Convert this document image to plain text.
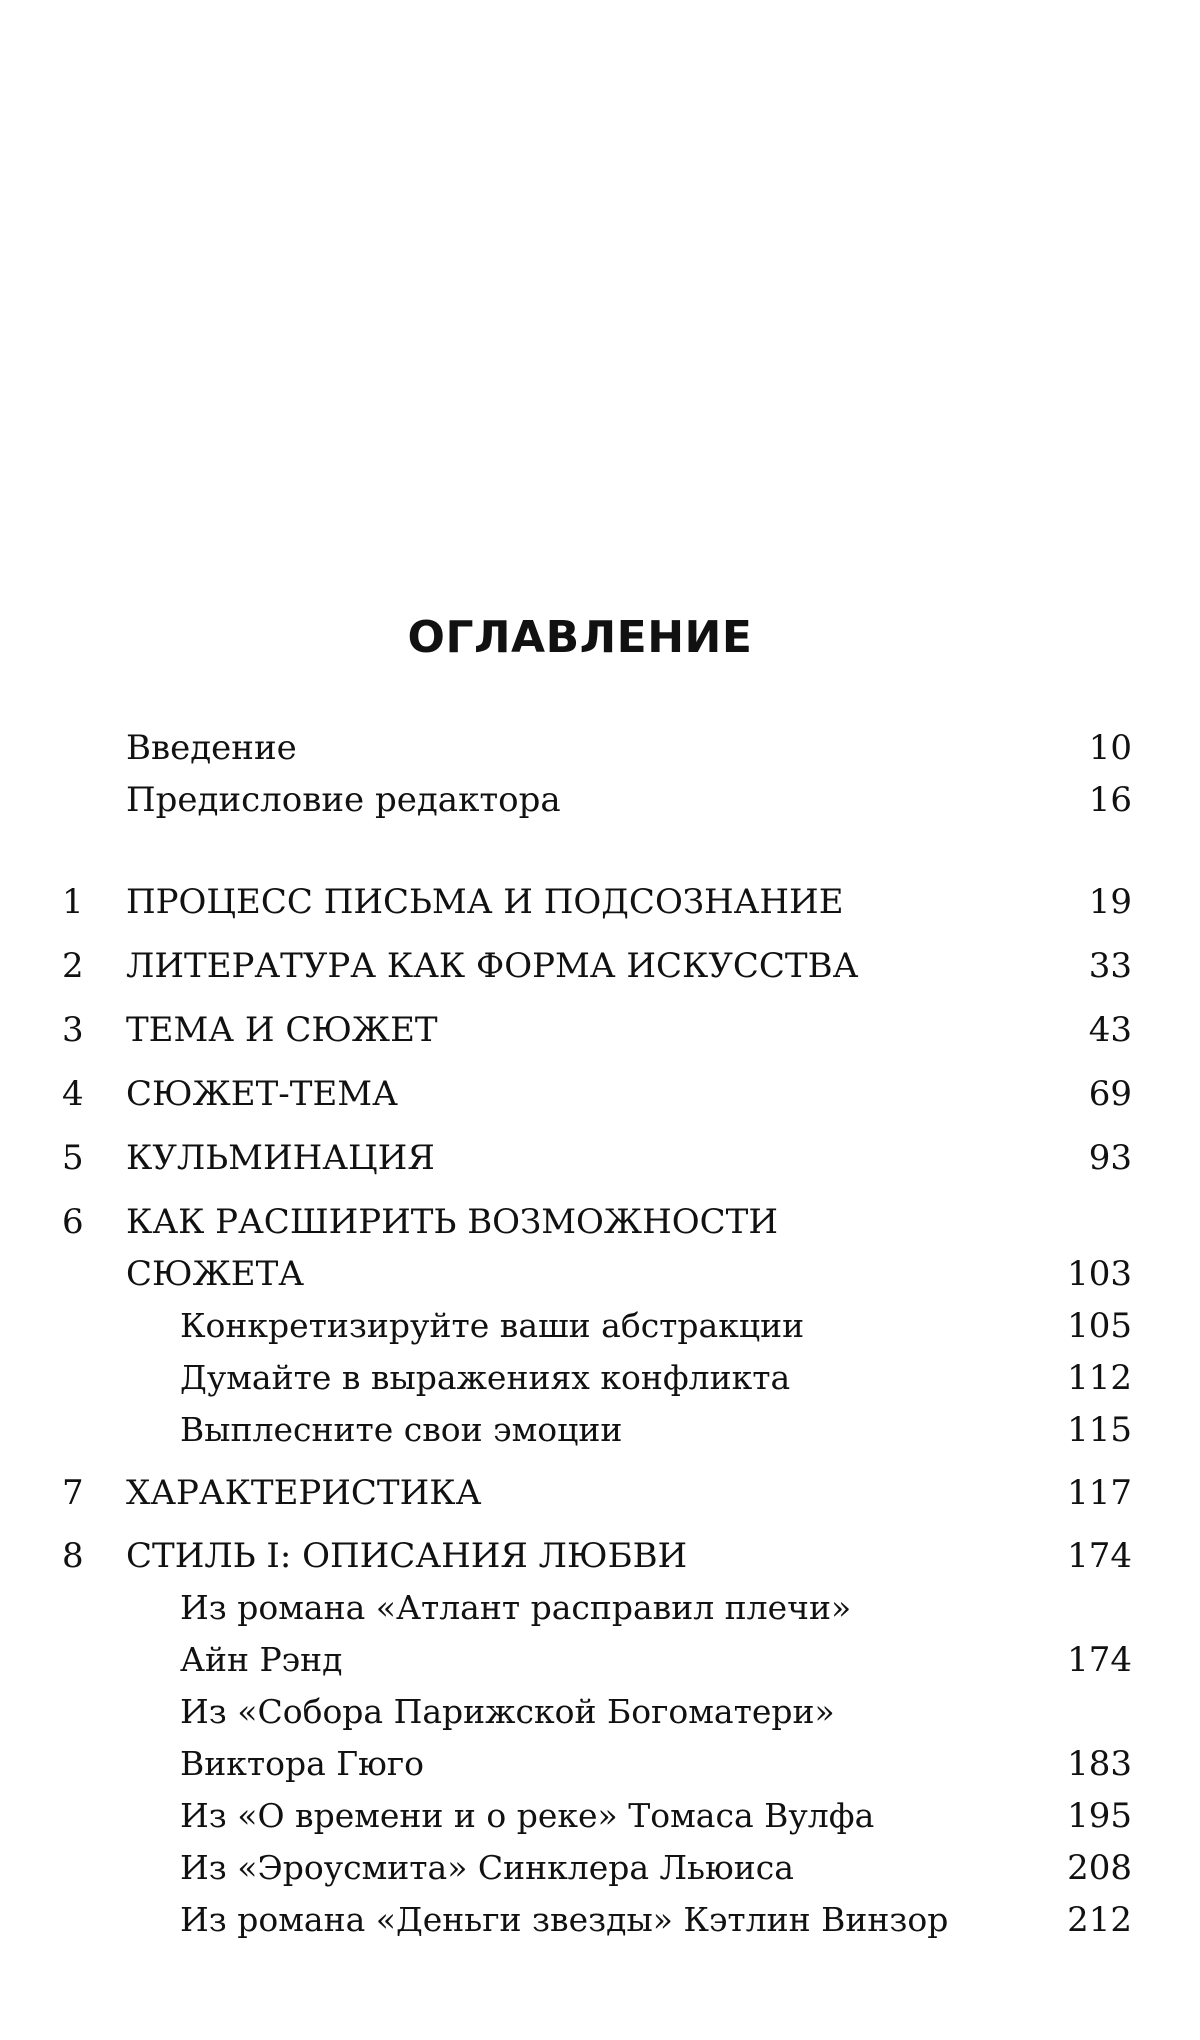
ОГЛАВЛЕНИЕ
Введение	10
Предисловие редактора	16
1	ПРОЦЕСС ПИСЬМА И ПОДСОЗНАНИЕ	19
2	ЛИТЕРАТУРА КАК ФОРМА ИСКУССТВА	33
3	ТЕМА И СЮЖЕТ	43
4	СЮЖЕТ-ТЕМА	69
5	КУЛЬМИНАЦИЯ	93
6	КАК РАСШИРИТЬ ВОЗМОЖНОСТИ
СЮЖЕТА	103
Конкретизируйте ваши абстракции	105
Думайте в выражениях конфликта	112
Выплесните свои эмоции	115
7	ХАРАКТЕРИСТИКА	117
8	СТИЛЬ I: ОПИСАНИЯ ЛЮБВИ	174
Из романа «Атлант расправил плечи»
Айн Рэнд	174
Из «Собора Парижской Богоматери»
Виктора Гюго	183
Из «О времени и о реке» Томаса Вулфа	195
Из «Эроусмита» Синклера Льюиса	208
Из романа «Деньги звезды» Кэтлин Винзор	212
